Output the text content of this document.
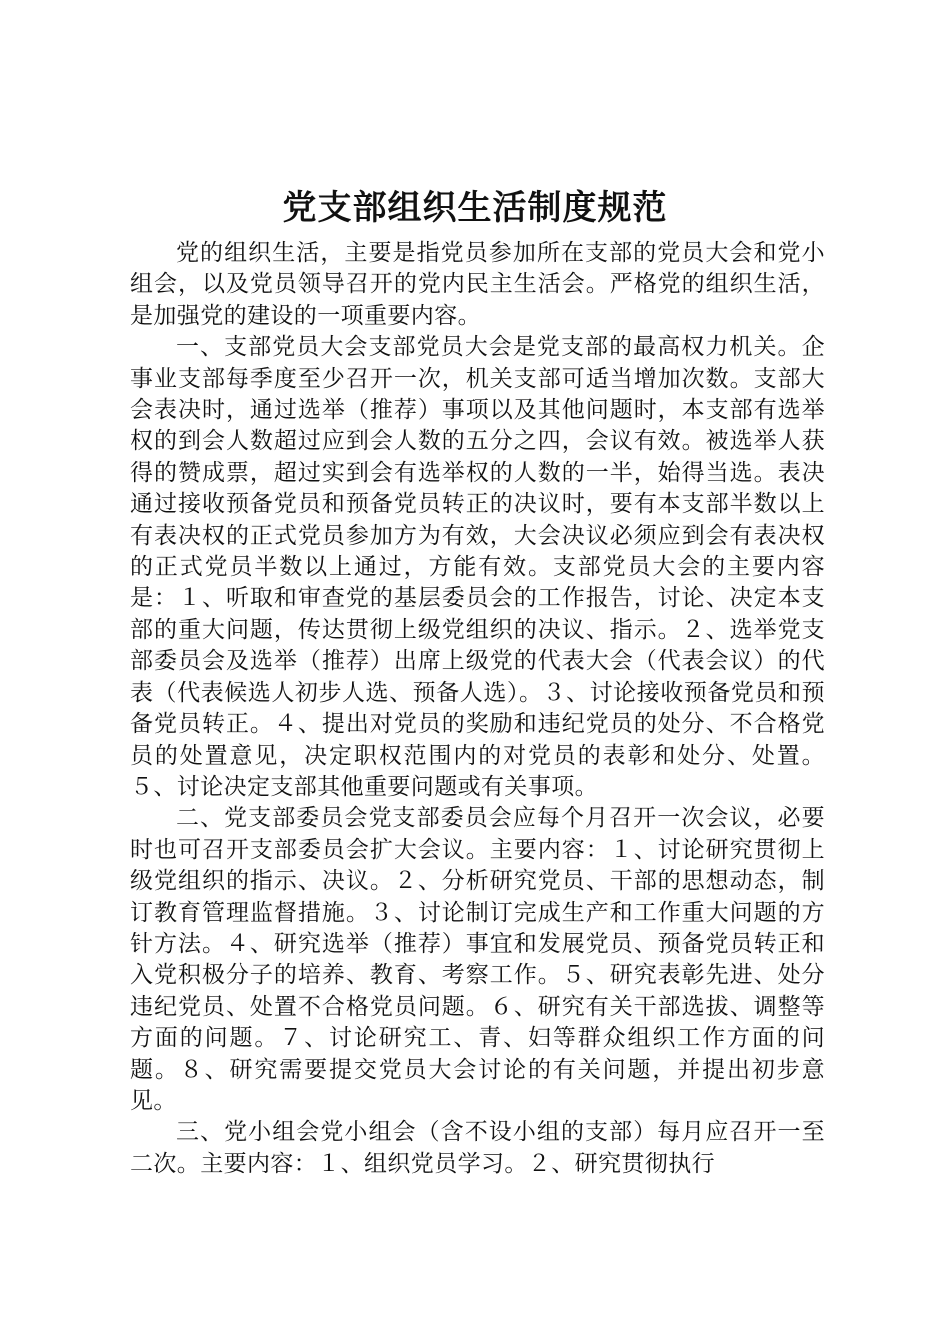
党支部组织生活制度规范

党的组织生活，主要是指党员参加所在支部的党员大会和党小组会，以及党员领导召开的党内民主生活会。严格党的组织生活，是加强党的建设的一项重要内容。

一、支部党员大会支部党员大会是党支部的最高权力机关。企事业支部每季度至少召开一次，机关支部可适当增加次数。支部大会表决时，通过选举（推荐）事项以及其他问题时，本支部有选举权的到会人数超过应到会人数的五分之四，会议有效。被选举人获得的赞成票，超过实到会有选举权的人数的一半，始得当选。表决通过接收预备党员和预备党员转正的决议时，要有本支部半数以上有表决权的正式党员参加方为有效，大会决议必须应到会有表决权的正式党员半数以上通过，方能有效。支部党员大会的主要内容是：１、听取和审查党的基层委员会的工作报告，讨论、决定本支部的重大问题，传达贯彻上级党组织的决议、指示。２、选举党支部委员会及选举（推荐）出席上级党的代表大会（代表会议）的代表（代表候选人初步人选、预备人选）。３、讨论接收预备党员和预备党员转正。４、提出对党员的奖励和违纪党员的处分、不合格党员的处置意见，决定职权范围内的对党员的表彰和处分、处置。５、讨论决定支部其他重要问题或有关事项。

二、党支部委员会党支部委员会应每个月召开一次会议，必要时也可召开支部委员会扩大会议。主要内容：１、讨论研究贯彻上级党组织的指示、决议。２、分析研究党员、干部的思想动态，制订教育管理监督措施。３、讨论制订完成生产和工作重大问题的方针方法。４、研究选举（推荐）事宜和发展党员、预备党员转正和入党积极分子的培养、教育、考察工作。５、研究表彰先进、处分违纪党员、处置不合格党员问题。６、研究有关干部选拔、调整等方面的问题。７、讨论研究工、青、妇等群众组织工作方面的问题。８、研究需要提交党员大会讨论的有关问题，并提出初步意见。

三、党小组会党小组会（含不设小组的支部）每月应召开一至二次。主要内容：１、组织党员学习。２、研究贯彻执行
